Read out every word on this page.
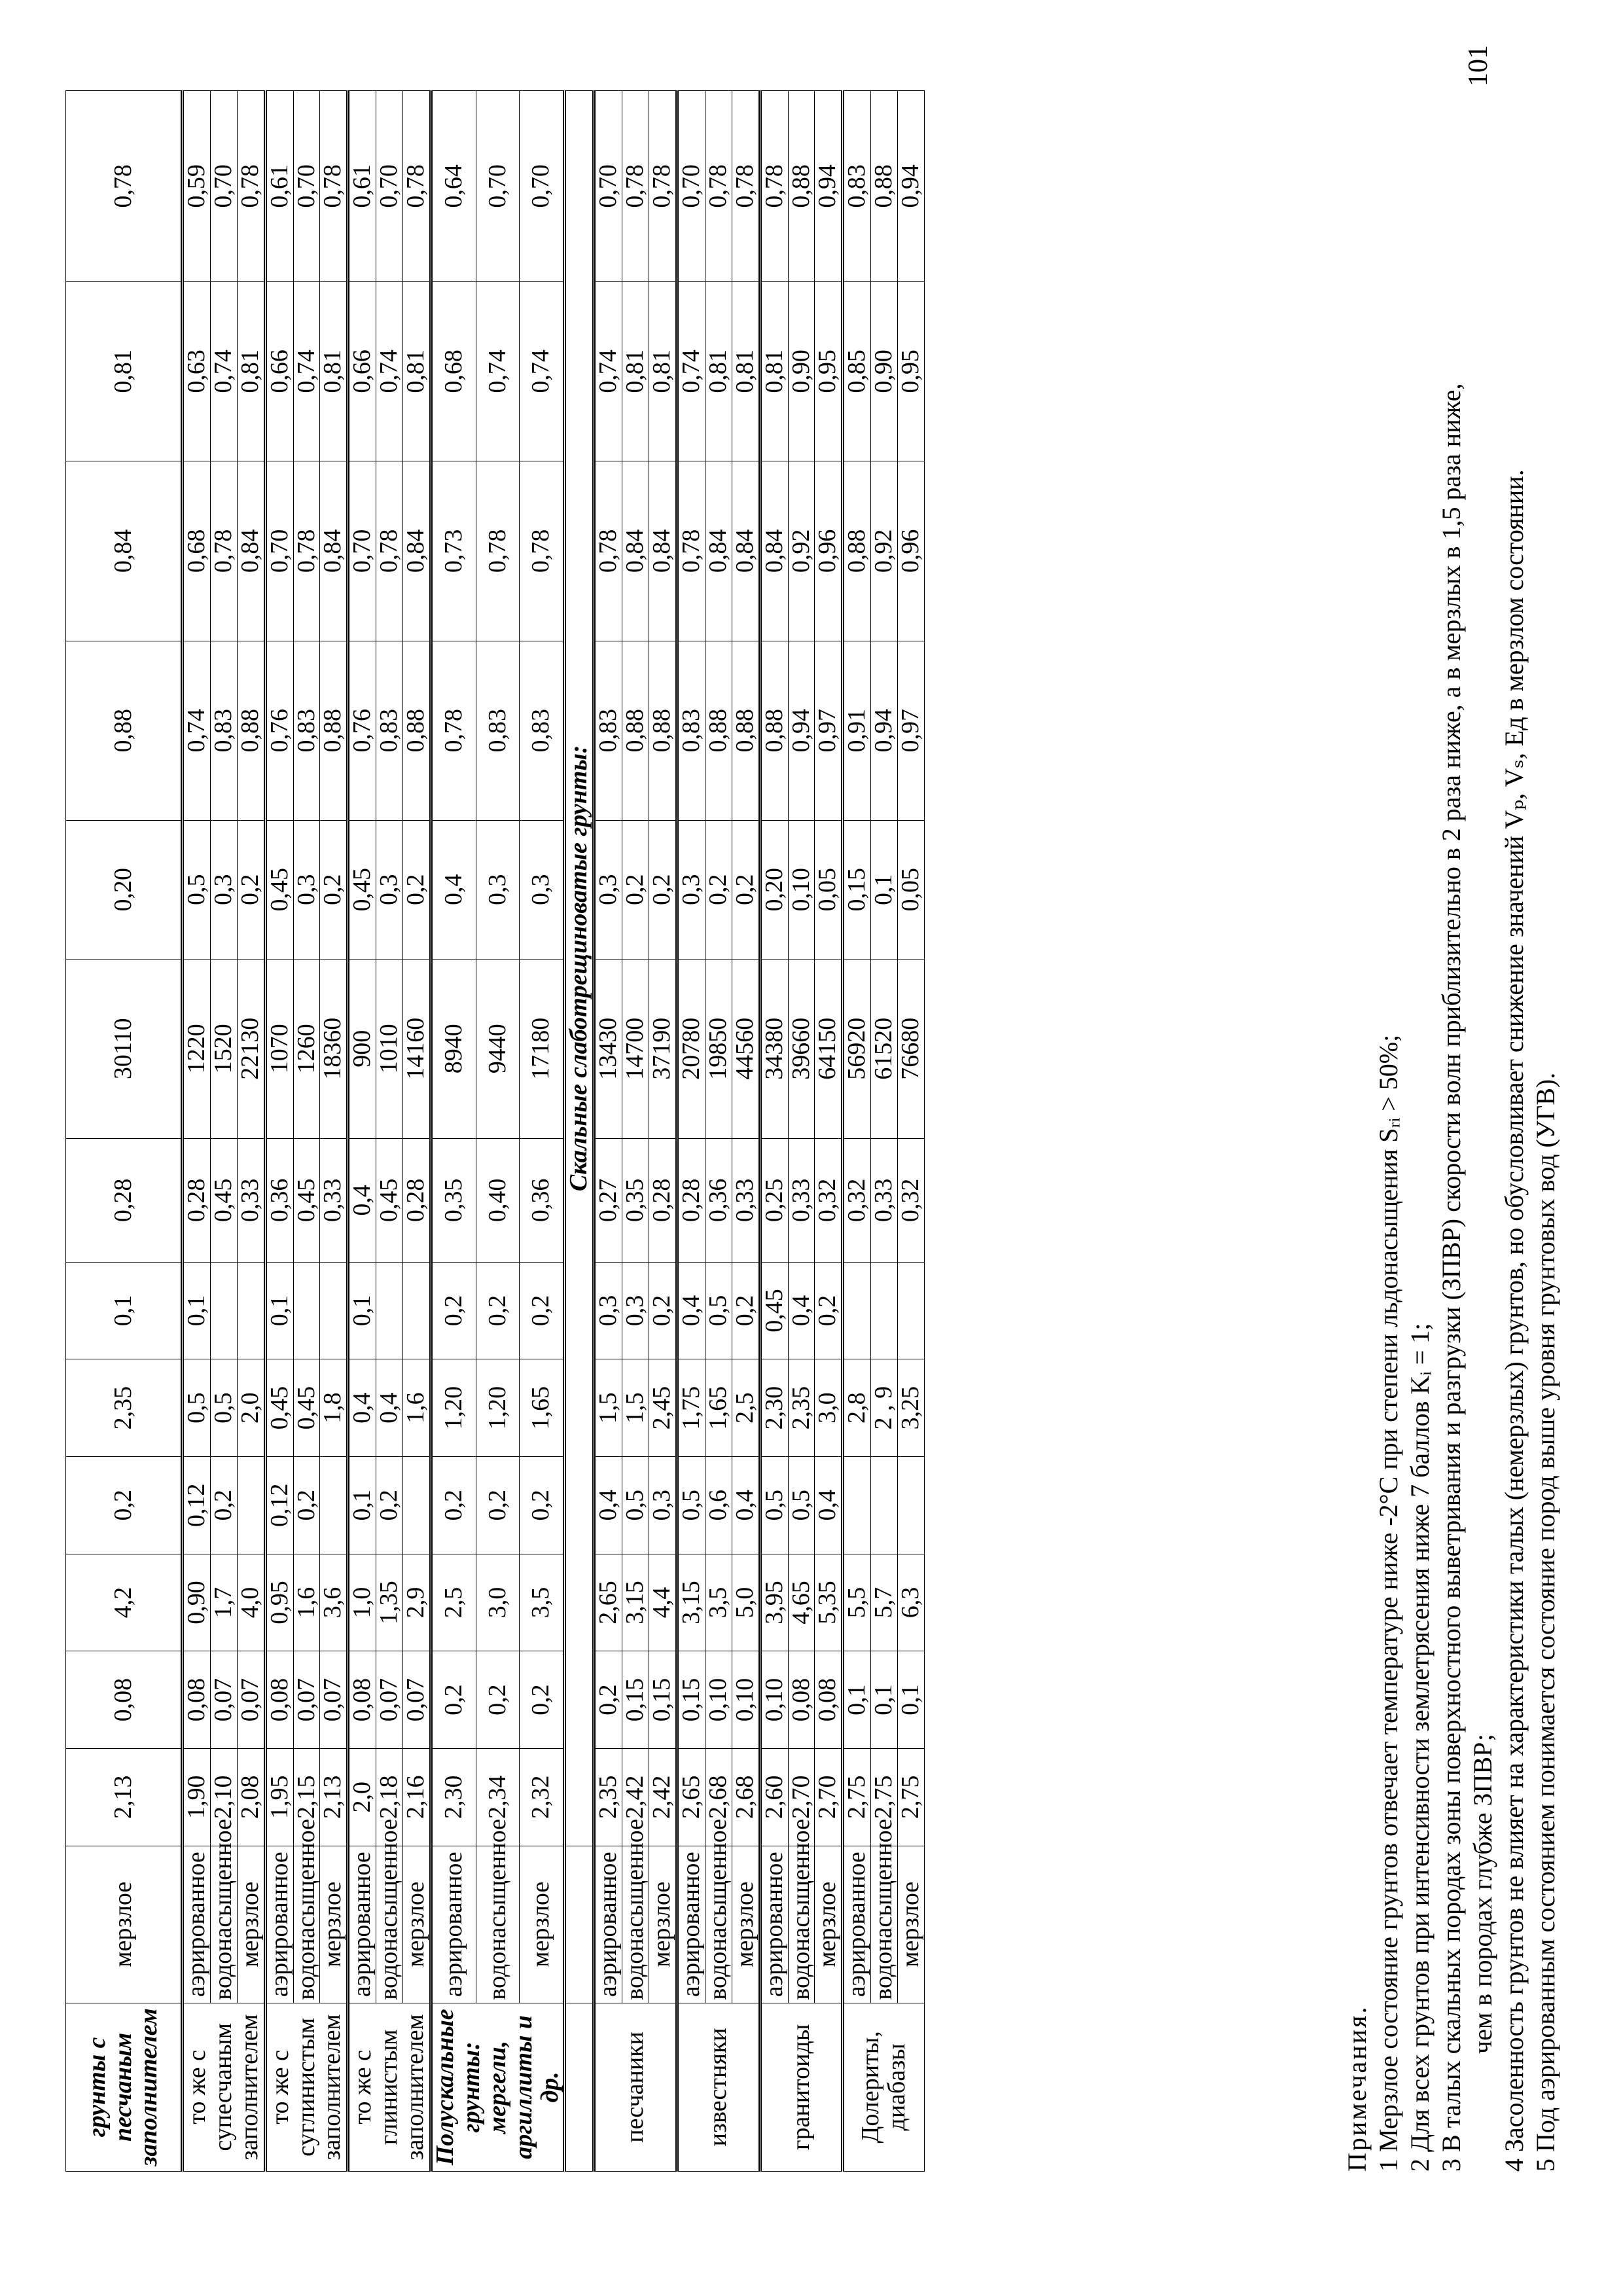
101
грунты с песчаным заполнителем	мерзлое	2,13	0,08	4,2	0,2	2,35	0,1	0,28	30110	0,20	0,88	0,84	0,81	0,78
то же с супесчаным заполнителем	аэрированное	1,90	0,08	0,90	0,12	0,5	0,1	0,28	1220	0,5	0,74	0,68	0,63	0,59
	водонасыщенное	2,10	0,07	1,7	0,2	0,5		0,45	1520	0,3	0,83	0,78	0,74	0,70
	мерзлое	2,08	0,07	4,0		2,0		0,33	22130	0,2	0,88	0,84	0,81	0,78
то же с суглинистым заполнителем	аэрированное	1,95	0,08	0,95	0,12	0,45	0,1	0,36	1070	0,45	0,76	0,70	0,66	0,61
	водонасыщенное	2,15	0,07	1,6	0,2	0,45		0,45	1260	0,3	0,83	0,78	0,74	0,70
	мерзлое	2,13	0,07	3,6		1,8		0,33	18360	0,2	0,88	0,84	0,81	0,78
то же с глинистым заполнителем	аэрированное	2,0	0,08	1,0	0,1	0,4	0,1	0,4	900	0,45	0,76	0,70	0,66	0,61
	водонасыщенное	2,18	0,07	1,35	0,2	0,4		0,45	1010	0,3	0,83	0,78	0,74	0,70
	мерзлое	2,16	0,07	2,9		1,6		0,28	14160	0,2	0,88	0,84	0,81	0,78
Полускальные грунты: мергели, аргиллиты и др.	аэрированное	2,30	0,2	2,5	0,2	1,20	0,2	0,35	8940	0,4	0,78	0,73	0,68	0,64
	водонасыщенное	2,34	0,2	3,0	0,2	1,20	0,2	0,40	9440	0,3	0,83	0,78	0,74	0,70
	мерзлое	2,32	0,2	3,5	0,2	1,65	0,2	0,36	17180	0,3	0,83	0,78	0,74	0,70
		Скальные слаботрещиноватые грунты:												
песчаники	аэрированное	2,35	0,2	2,65	0,4	1,5	0,3	0,27	13430	0,3	0,83	0,78	0,74	0,70
	водонасыщенное	2,42	0,15	3,15	0,5	1,5	0,3	0,35	14700	0,2	0,88	0,84	0,81	0,78
	мерзлое	2,42	0,15	4,4	0,3	2,45	0,2	0,28	37190	0,2	0,88	0,84	0,81	0,78
известняки	аэрированное	2,65	0,15	3,15	0,5	1,75	0,4	0,28	20780	0,3	0,83	0,78	0,74	0,70
	водонасыщенное	2,68	0,10	3,5	0,6	1,65	0,5	0,36	19850	0,2	0,88	0,84	0,81	0,78
	мерзлое	2,68	0,10	5,0	0,4	2,5	0,2	0,33	44560	0,2	0,88	0,84	0,81	0,78
гранитоиды	аэрированное	2,60	0,10	3,95	0,5	2,30	0,45	0,25	34380	0,20	0,88	0,84	0,81	0,78
	водонасыщенное	2,70	0,08	4,65	0,5	2,35	0,4	0,33	39660	0,10	0,94	0,92	0,90	0,88
	мерзлое	2,70	0,08	5,35	0,4	3,0	0,2	0,32	64150	0,05	0,97	0,96	0,95	0,94
Долериты, диабазы	аэрированное	2,75	0,1	5,5		2,8		0,32	56920	0,15	0,91	0,88	0,85	0,83
	водонасыщенное	2,75	0,1	5,7		2 , 9		0,33	61520	0,1	0,94	0,92	0,90	0,88
	мерзлое	2,75	0,1	6,3		3,25		0,32	76680	0,05	0,97	0,96	0,95	0,94
Примечания. 1 Мерзлое состояние грунтов отвечает температуре ниже -2°С при степени льдонасыщения Sᵣᵢ > 50%; 2 Для всех грунтов при интенсивности землетрясения ниже 7 баллов Kᵢ = 1; 3 В талых скальных породах зоны поверхностного выветривания и разгрузки (ЗПВР) скорости волн приблизительно в 2 раза ниже, а в мерзлых в 1,5 раза ниже, чем в породах глубже ЗПВР; 4 Засоленность грунтов не влияет на характеристики талых (немерзлых) грунтов, но обусловливает снижение значений Vₚ, Vₛ, Eд в мерзлом состоянии. 5 Под аэрированным состоянием понимается состояние пород выше уровня грунтовых вод (УГВ).
